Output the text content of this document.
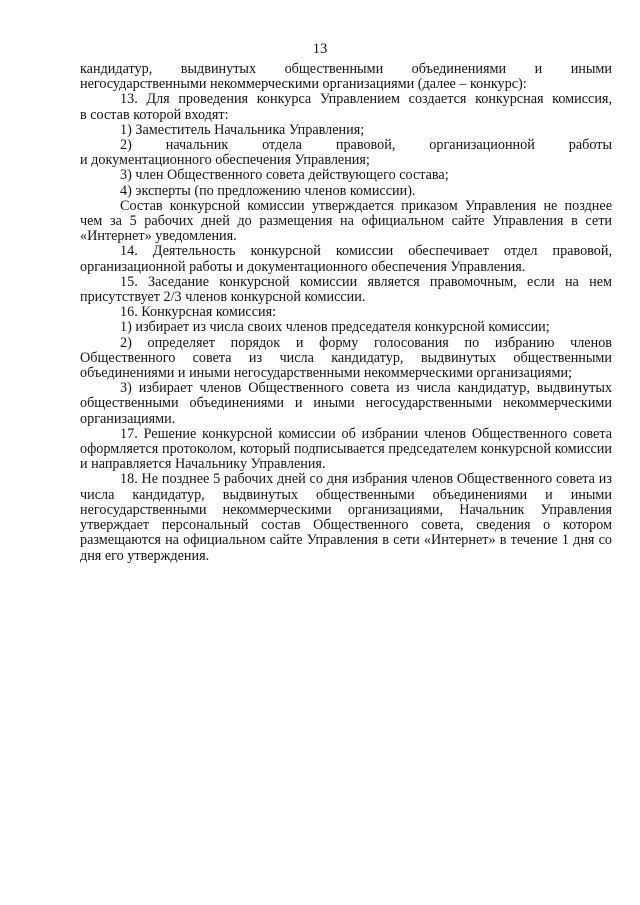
13

кандидатур, выдвинутых общественными объединениями и иными

негосударственными некоммерческими организациями (далее – конкурс):

13. Для проведения конкурса Управлением создается конкурсная комиссия,

в состав которой входят:

1) Заместитель Начальника Управления;

2) начальник отдела правовой, организационной работы

и документационного обеспечения Управления;

3) член Общественного совета действующего состава;

4) эксперты (по предложению членов комиссии).

Состав конкурсной комиссии утверждается приказом Управления не позднее чем за 5 рабочих дней до размещения на официальном сайте Управления в сети «Интернет» уведомления.

14. Деятельность конкурсной комиссии обеспечивает отдел правовой, организационной работы и документационного обеспечения Управления.

15. Заседание конкурсной комиссии является правомочным, если на нем присутствует 2/3 членов конкурсной комиссии.

16. Конкурсная комиссия:

1) избирает из числа своих членов председателя конкурсной комиссии;

2) определяет порядок и форму голосования по избранию членов Общественного совета из числа кандидатур, выдвинутых общественными объединениями и иными негосударственными некоммерческими организациями;

3) избирает членов Общественного совета из числа кандидатур, выдвинутых общественными объединениями и иными негосударственными некоммерческими организациями.

17. Решение конкурсной комиссии об избрании членов Общественного совета оформляется протоколом, который подписывается председателем конкурсной комиссии и направляется Начальнику Управления.

18. Не позднее 5 рабочих дней со дня избрания членов Общественного совета из числа кандидатур, выдвинутых общественными объединениями и иными негосударственными некоммерческими организациями, Начальник Управления утверждает персональный состав Общественного совета, сведения о котором размещаются на официальном сайте Управления в сети «Интернет» в течение 1 дня со дня его утверждения.
